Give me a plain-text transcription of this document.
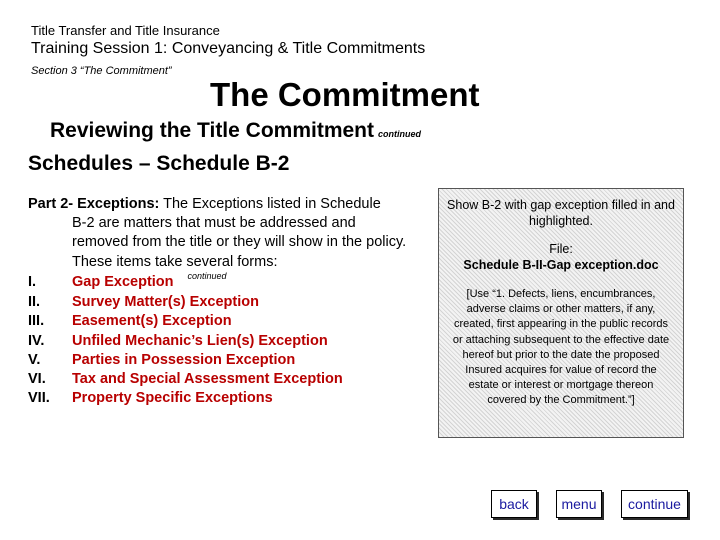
Title Transfer and Title Insurance
Training Session 1: Conveyancing & Title Commitments
Section 3 “The Commitment”
The Commitment
Reviewing the Title Commitment continued
Schedules – Schedule B-2
Part 2- Exceptions: The Exceptions listed in Schedule
B-2 are matters that must be addressed and removed from the title or they will show in the policy. These items take several forms:
I. Gap Exception $^{continued}$
II. Survey Matter(s) Exception
III. Easement(s) Exception
IV. Unfiled Mechanic’s Lien(s) Exception
V. Parties in Possession Exception
VI. Tax and Special Assessment Exception
VII. Property Specific Exceptions

Show B-2 with gap exception filled in and highlighted.

File:

Schedule B-II-Gap exception.doc

[Use “1. Defects, liens, encumbrances, adverse claims or other matters, if any, created, first appearing in the public records or attaching subsequent to the effective date hereof but prior to the date the proposed Insured acquires for value of record the estate or interest or mortgage thereon covered by the Commitment.”]

back	menu	continue
